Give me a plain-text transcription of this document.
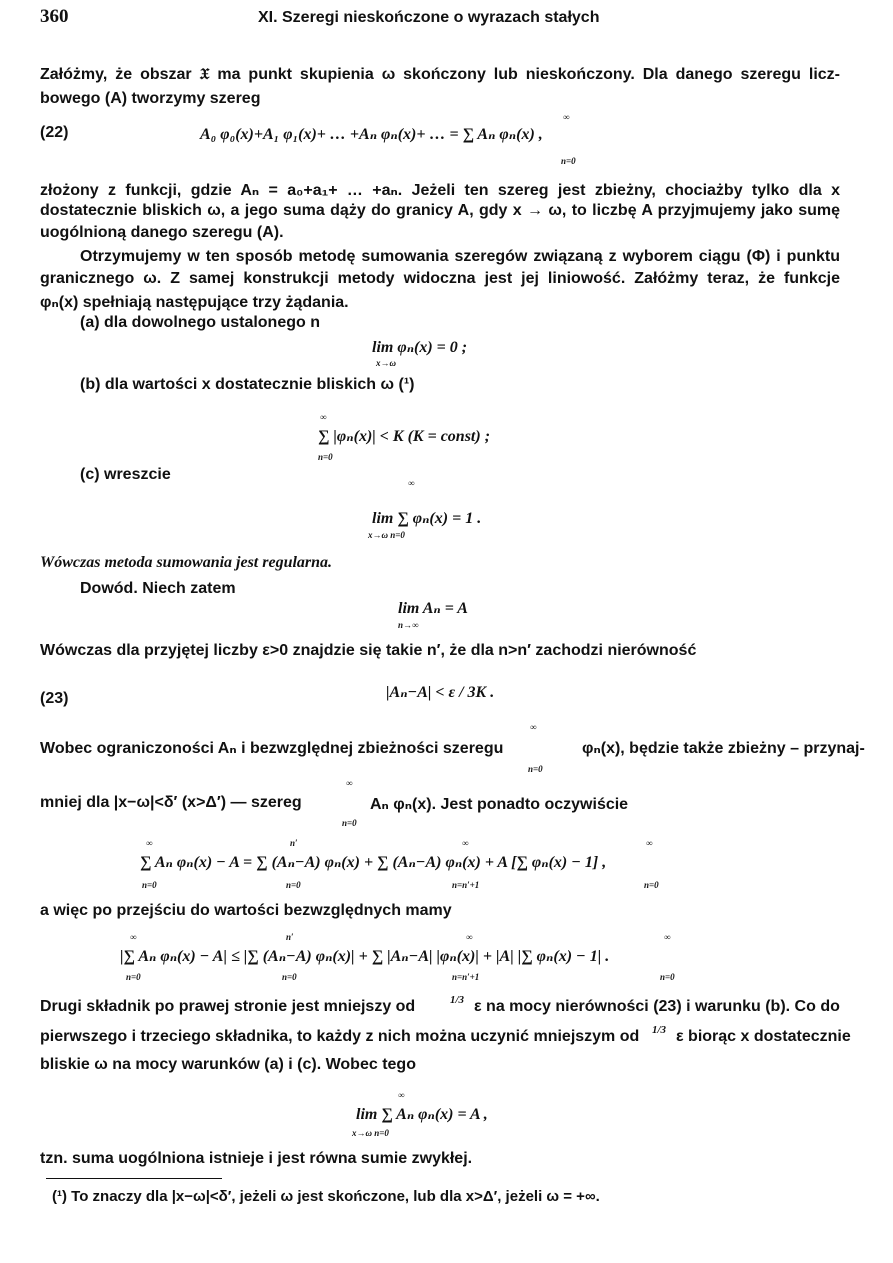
360	XI. Szeregi nieskończone o wyrazach stałych
Załóżmy, że obszar 𝔛 ma punkt skupienia ω skończony lub nieskończony. Dla danego szeregu licz-
bowego (A) tworzymy szereg
(22)
∞
A₀ φ₀(x)+A₁ φ₁(x)+ … +Aₙ φₙ(x)+ … = ∑ Aₙ φₙ(x) ,
n=0
złożony z funkcji, gdzie Aₙ = a₀+a₁+ … +aₙ. Jeżeli ten szereg jest zbieżny, chociażby tylko dla x
dostatecznie bliskich ω, a jego suma dąży do granicy A, gdy x → ω, to liczbę A przyjmujemy jako sumę
uogólnioną danego szeregu (A).
Otrzymujemy w ten sposób metodę sumowania szeregów związaną z wyborem ciągu (Φ) i punktu
granicznego ω. Z samej konstrukcji metody widoczna jest jej liniowość. Załóżmy teraz, że funkcje
φₙ(x) spełniają następujące trzy żądania.
(a) dla dowolnego ustalonego n
lim φₙ(x) = 0 ;
x→ω
(b) dla wartości x dostatecznie bliskich ω (¹)
∞
∑ |φₙ(x)| < K (K = const) ;
n=0
(c) wreszcie	∞
lim ∑ φₙ(x) = 1 .
x→ω n=0
Wówczas metoda sumowania jest regularna.
Dowód. Niech zatem
lim Aₙ = A
n→∞
Wówczas dla przyjętej liczby ε>0 znajdzie się takie n′, że dla n>n′ zachodzi nierówność
(23)	|Aₙ−A| < ε / 3K .
∞
Wobec ograniczoności Aₙ i bezwzględnej zbieżności szeregu	φₙ(x), będzie także zbieżny – przynaj-
n=0
∞
mniej dla |x−ω|<δ′ (x>Δ′) — szereg	Aₙ φₙ(x). Jest ponadto oczywiście
n=0
∞	n′	∞	∞
∑ Aₙ φₙ(x) − A = ∑ (Aₙ−A) φₙ(x) + ∑ (Aₙ−A) φₙ(x) + A [∑ φₙ(x) − 1] ,
n=0	n=0	n=n′+1	n=0
a więc po przejściu do wartości bezwzględnych mamy
∞	n′	∞	∞
|∑ Aₙ φₙ(x) − A| ≤ |∑ (Aₙ−A) φₙ(x)| + ∑ |Aₙ−A| |φₙ(x)| + |A| |∑ φₙ(x) − 1| .
n=0	n=0	n=n′+1	n=0
Drugi składnik po prawej stronie jest mniejszy od	1/3 ε na mocy nierówności (23) i warunku (b). Co do
pierwszego i trzeciego składnika, to każdy z nich można uczynić mniejszym od 1/3 ε biorąc x dostatecznie
bliskie ω na mocy warunków (a) i (c). Wobec tego
∞
lim ∑ Aₙ φₙ(x) = A ,
x→ω n=0
tzn. suma uogólniona istnieje i jest równa sumie zwykłej.
(¹) To znaczy dla |x−ω|<δ′, jeżeli ω jest skończone, lub dla x>Δ′, jeżeli ω = +∞.
